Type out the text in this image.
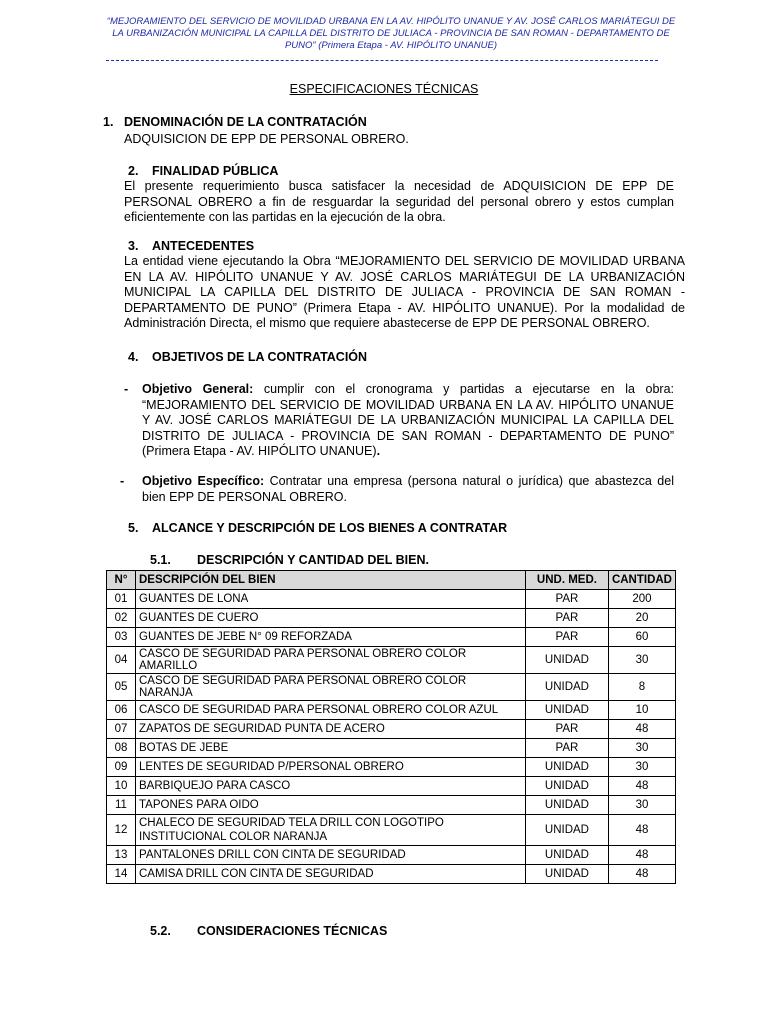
“MEJORAMIENTO DEL SERVICIO DE MOVILIDAD URBANA EN LA AV. HIPÓLITO UNANUE Y AV. JOSÉ CARLOS MARIÁTEGUI DE LA URBANIZACIÓN MUNICIPAL LA CAPILLA DEL DISTRITO DE JULIACA - PROVINCIA DE SAN ROMAN - DEPARTAMENTO DE PUNO” (Primera Etapa - AV. HIPÓLITO UNANUE)
ESPECIFICACIONES TÉCNICAS
1. DENOMINACIÓN DE LA CONTRATACIÓN
ADQUISICION DE EPP DE PERSONAL OBRERO.
2. FINALIDAD PÚBLICA
El presente requerimiento busca satisfacer la necesidad de ADQUISICION DE EPP DE PERSONAL OBRERO a fin de resguardar la seguridad del personal obrero y estos cumplan eficientemente con las partidas en la ejecución de la obra.
3. ANTECEDENTES
La entidad viene ejecutando la Obra “MEJORAMIENTO DEL SERVICIO DE MOVILIDAD URBANA EN LA AV. HIPÓLITO UNANUE Y AV. JOSÉ CARLOS MARIÁTEGUI DE LA URBANIZACIÓN MUNICIPAL LA CAPILLA DEL DISTRITO DE JULIACA - PROVINCIA DE SAN ROMAN - DEPARTAMENTO DE PUNO” (Primera Etapa - AV. HIPÓLITO UNANUE). Por la modalidad de Administración Directa, el mismo que requiere abastecerse de EPP DE PERSONAL OBRERO.
4. OBJETIVOS DE LA CONTRATACIÓN
- Objetivo General: cumplir con el cronograma y partidas a ejecutarse en la obra: “MEJORAMIENTO DEL SERVICIO DE MOVILIDAD URBANA EN LA AV. HIPÓLITO UNANUE Y AV. JOSÉ CARLOS MARIÁTEGUI DE LA URBANIZACIÓN MUNICIPAL LA CAPILLA DEL DISTRITO DE JULIACA - PROVINCIA DE SAN ROMAN - DEPARTAMENTO DE PUNO” (Primera Etapa - AV. HIPÓLITO UNANUE).
- Objetivo Específico: Contratar una empresa (persona natural o jurídica) que abastezca del bien EPP DE PERSONAL OBRERO.
5. ALCANCE Y DESCRIPCIÓN DE LOS BIENES A CONTRATAR
5.1. DESCRIPCIÓN Y CANTIDAD DEL BIEN.
N°	DESCRIPCIÓN DEL BIEN	UND. MED.	CANTIDAD
01	GUANTES DE LONA	PAR	200
02	GUANTES DE CUERO	PAR	20
03	GUANTES DE JEBE N° 09 REFORZADA	PAR	60
04	CASCO DE SEGURIDAD PARA PERSONAL OBRERO COLOR AMARILLO	UNIDAD	30
05	CASCO DE SEGURIDAD PARA PERSONAL OBRERO COLOR NARANJA	UNIDAD	8
06	CASCO DE SEGURIDAD PARA PERSONAL OBRERO COLOR AZUL	UNIDAD	10
07	ZAPATOS DE SEGURIDAD PUNTA DE ACERO	PAR	48
08	BOTAS DE JEBE	PAR	30
09	LENTES DE SEGURIDAD P/PERSONAL OBRERO	UNIDAD	30
10	BARBIQUEJO PARA CASCO	UNIDAD	48
11	TAPONES PARA OIDO	UNIDAD	30
12	CHALECO DE SEGURIDAD TELA DRILL CON LOGOTIPO INSTITUCIONAL COLOR NARANJA	UNIDAD	48
13	PANTALONES DRILL CON CINTA DE SEGURIDAD	UNIDAD	48
14	CAMISA DRILL CON CINTA DE SEGURIDAD	UNIDAD	48
5.2. CONSIDERACIONES TÉCNICAS
